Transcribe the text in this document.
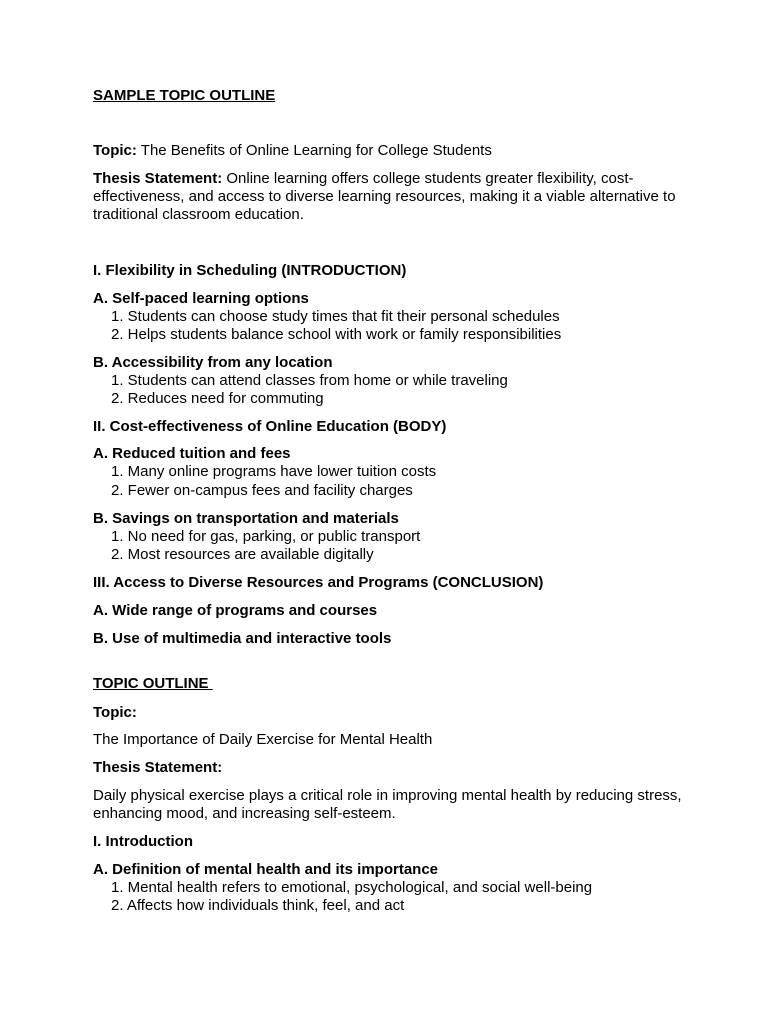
SAMPLE TOPIC OUTLINE
Topic: The Benefits of Online Learning for College Students
Thesis Statement: Online learning offers college students greater flexibility, cost-effectiveness, and access to diverse learning resources, making it a viable alternative to traditional classroom education.
I. Flexibility in Scheduling (INTRODUCTION)
A. Self-paced learning options
1. Students can choose study times that fit their personal schedules
2. Helps students balance school with work or family responsibilities
B. Accessibility from any location
1. Students can attend classes from home or while traveling
2. Reduces need for commuting
II. Cost-effectiveness of Online Education (BODY)
A. Reduced tuition and fees
1. Many online programs have lower tuition costs
2. Fewer on-campus fees and facility charges
B. Savings on transportation and materials
1. No need for gas, parking, or public transport
2. Most resources are available digitally
III. Access to Diverse Resources and Programs (CONCLUSION)
A. Wide range of programs and courses
B. Use of multimedia and interactive tools
TOPIC OUTLINE
Topic:
The Importance of Daily Exercise for Mental Health
Thesis Statement:
Daily physical exercise plays a critical role in improving mental health by reducing stress, enhancing mood, and increasing self-esteem.
I. Introduction
A. Definition of mental health and its importance
1. Mental health refers to emotional, psychological, and social well-being
2. Affects how individuals think, feel, and act
